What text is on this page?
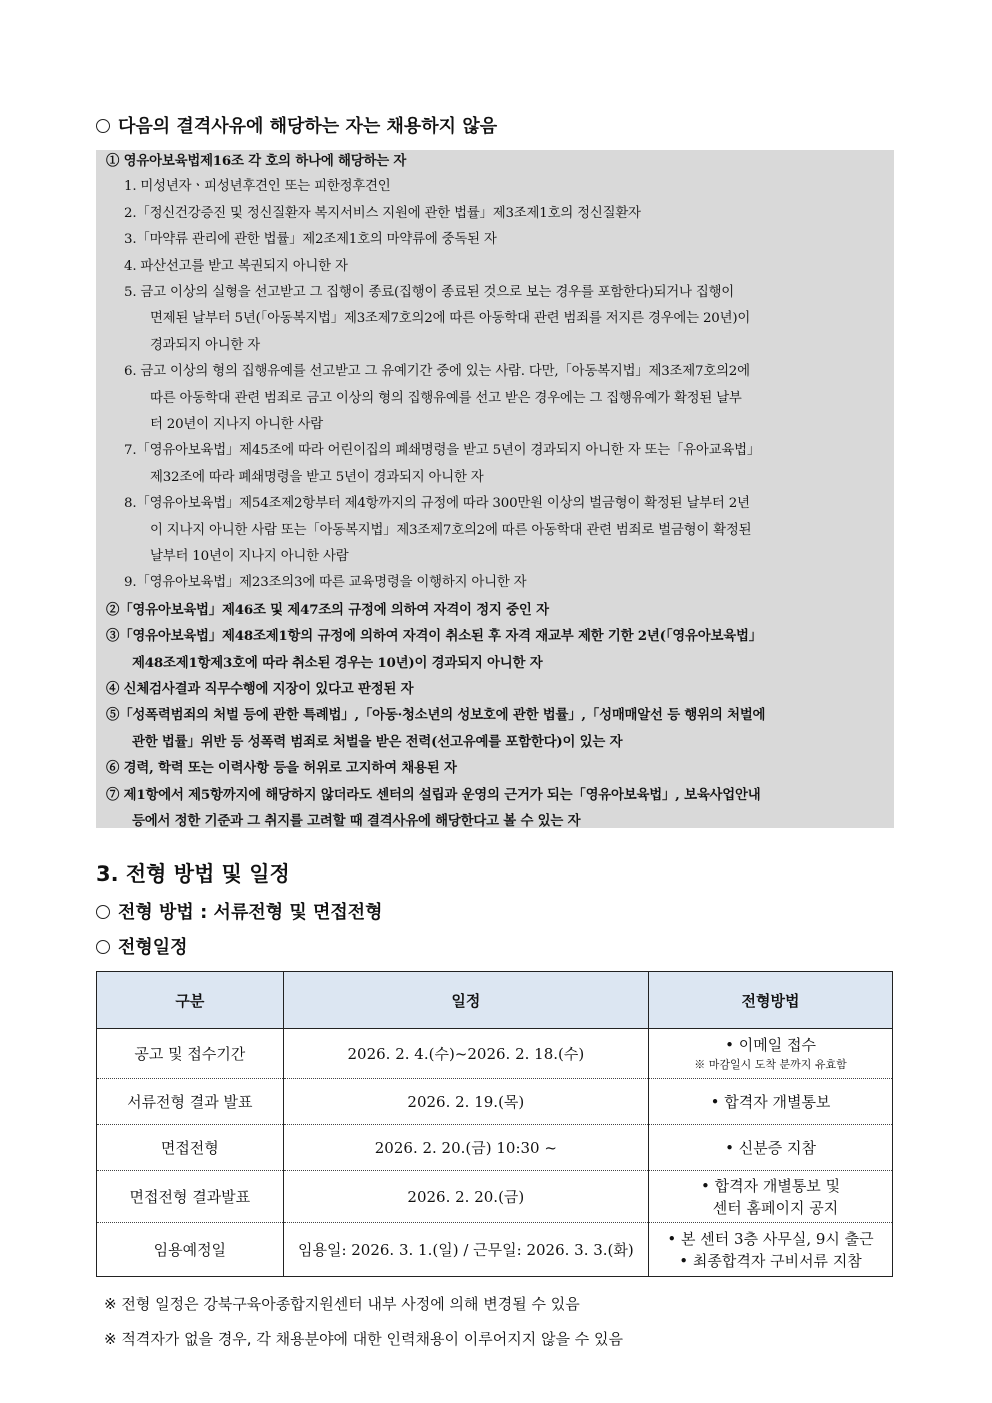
다음의 결격사유에 해당하는 자는 채용하지 않음
① 영유아보육법제16조 각 호의 하나에 해당하는 자
1. 미성년자ㆍ피성년후견인 또는 피한정후견인
2.「정신건강증진 및 정신질환자 복지서비스 지원에 관한 법률」제3조제1호의 정신질환자
3.「마약류 관리에 관한 법률」제2조제1호의 마약류에 중독된 자
4. 파산선고를 받고 복권되지 아니한 자
5. 금고 이상의 실형을 선고받고 그 집행이 종료(집행이 종료된 것으로 보는 경우를 포함한다)되거나 집행이
면제된 날부터 5년(「아동복지법」제3조제7호의2에 따른 아동학대 관련 범죄를 저지른 경우에는 20년)이
경과되지 아니한 자
6. 금고 이상의 형의 집행유예를 선고받고 그 유예기간 중에 있는 사람. 다만,「아동복지법」제3조제7호의2에
따른 아동학대 관련 범죄로 금고 이상의 형의 집행유예를 선고 받은 경우에는 그 집행유예가 확정된 날부
터 20년이 지나지 아니한 사람
7.「영유아보육법」제45조에 따라 어린이집의 폐쇄명령을 받고 5년이 경과되지 아니한 자 또는「유아교육법」
제32조에 따라 폐쇄명령을 받고 5년이 경과되지 아니한 자
8.「영유아보육법」제54조제2항부터 제4항까지의 규정에 따라 300만원 이상의 벌금형이 확정된 날부터 2년
이 지나지 아니한 사람 또는「아동복지법」제3조제7호의2에 따른 아동학대 관련 범죄로 벌금형이 확정된
날부터 10년이 지나지 아니한 사람
9.「영유아보육법」제23조의3에 따른 교육명령을 이행하지 아니한 자
②「영유아보육법」제46조 및 제47조의 규정에 의하여 자격이 정지 중인 자
③「영유아보육법」제48조제1항의 규정에 의하여 자격이 취소된 후 자격 재교부 제한 기한 2년(「영유아보육법」
제48조제1항제3호에 따라 취소된 경우는 10년)이 경과되지 아니한 자
④ 신체검사결과 직무수행에 지장이 있다고 판정된 자
⑤「성폭력범죄의 처벌 등에 관한 특례법」,「아동·청소년의 성보호에 관한 법률」,「성매매알선 등 행위의 처벌에
관한 법률」위반 등 성폭력 범죄로 처벌을 받은 전력(선고유예를 포함한다)이 있는 자
⑥ 경력, 학력 또는 이력사항 등을 허위로 고지하여 채용된 자
⑦ 제1항에서 제5항까지에 해당하지 않더라도 센터의 설립과 운영의 근거가 되는「영유아보육법」, 보육사업안내
등에서 정한 기준과 그 취지를 고려할 때 결격사유에 해당한다고 볼 수 있는 자
3. 전형 방법 및 일정
전형 방법 : 서류전형 및 면접전형
전형일정
구분	일정	전형방법
공고 및 접수기간	2026. 2. 4.(수)~2026. 2. 18.(수)	• 이메일 접수
※ 마감일시 도착 분까지 유효함

서류전형 결과 발표	2026. 2. 19.(목)	• 합격자 개별통보

면접전형	2026. 2. 20.(금) 10:30 ~	• 신분증 지참

면접전형 결과발표	2026. 2. 20.(금)	• 합격자 개별통보 및
센터 홈페이지 공지

임용예정일	임용일: 2026. 3. 1.(일) / 근무일: 2026. 3. 3.(화)	• 본 센터 3층 사무실, 9시 출근
• 최종합격자 구비서류 지참
※ 전형 일정은 강북구육아종합지원센터 내부 사정에 의해 변경될 수 있음
※ 적격자가 없을 경우, 각 채용분야에 대한 인력채용이 이루어지지 않을 수 있음
